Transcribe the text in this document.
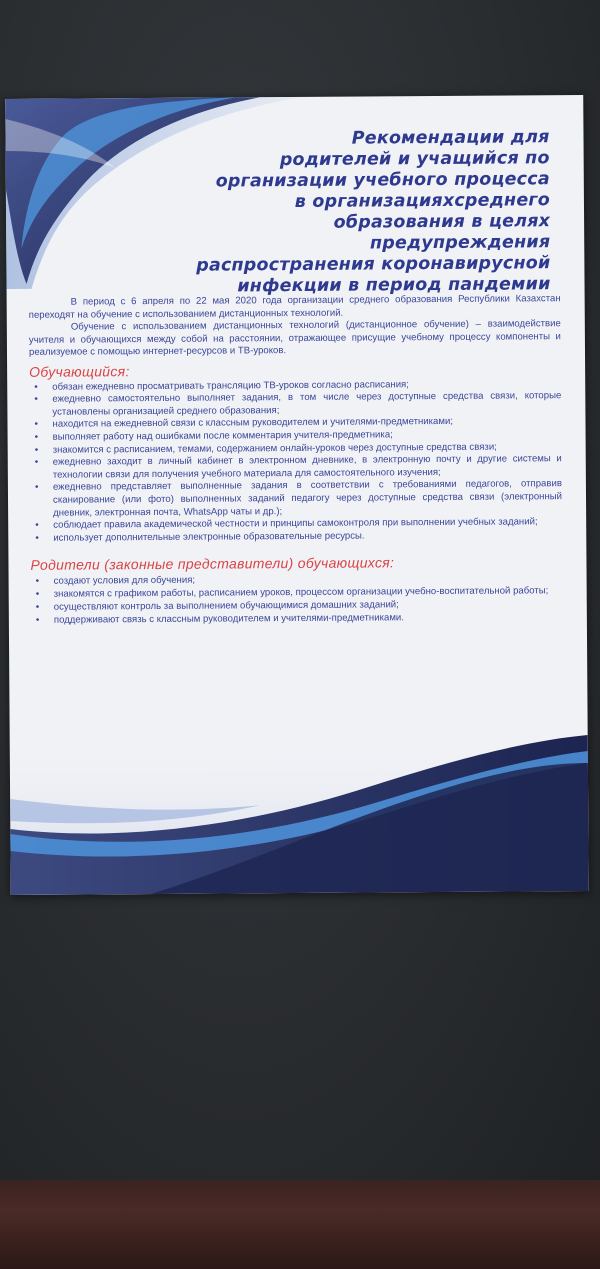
Рекомендации для
родителей и учащийся по
организации учебного процесса
в организацияхсреднего
образования в целях предупреждения
распространения коронавирусной
инфекции в период пандемии

В период с 6 апреля по 22 мая 2020 года организации среднего образования Республики Казахстан переходят на обучение с использованием дистанционных технологий.

Обучение с использованием дистанционных технологий (дистанционное обучение) – взаимодействие учителя и обучающихся между собой на расстоянии, отражающее присущие учебному процессу компоненты и реализуемое с помощью интернет-ресурсов и ТВ-уроков.

Обучающийся:
• обязан ежедневно просматривать трансляцию ТВ-уроков согласно расписания;
• ежедневно самостоятельно выполняет задания, в том числе через доступные средства связи, которые установлены организацией среднего образования;
• находится на ежедневной связи с классным руководителем и учителями-предметниками;
• выполняет работу над ошибками после комментария учителя-предметника;
• знакомится с расписанием, темами, содержанием онлайн-уроков через доступные средства связи;
• ежедневно заходит в личный кабинет в электронном дневнике, в электронную почту и другие системы и технологии связи для получения учебного материала для самостоятельного изучения;
• ежедневно представляет выполненные задания в соответствии с требованиями педагогов, отправив сканирование (или фото) выполненных заданий педагогу через доступные средства связи (электронный дневник, электронная почта, WhatsApp чаты и др.);
• соблюдает правила академической честности и принципы самоконтроля при выполнении учебных заданий;
• использует дополнительные электронные образовательные ресурсы.
Родители (законные представители) обучающихся:
• создают условия для обучения;
• знакомятся с графиком работы, расписанием уроков, процессом организации учебно-воспитательной работы;
• осуществляют контроль за выполнением обучающимися домашних заданий;
• поддерживают связь с классным руководителем и учителями-предметниками.
